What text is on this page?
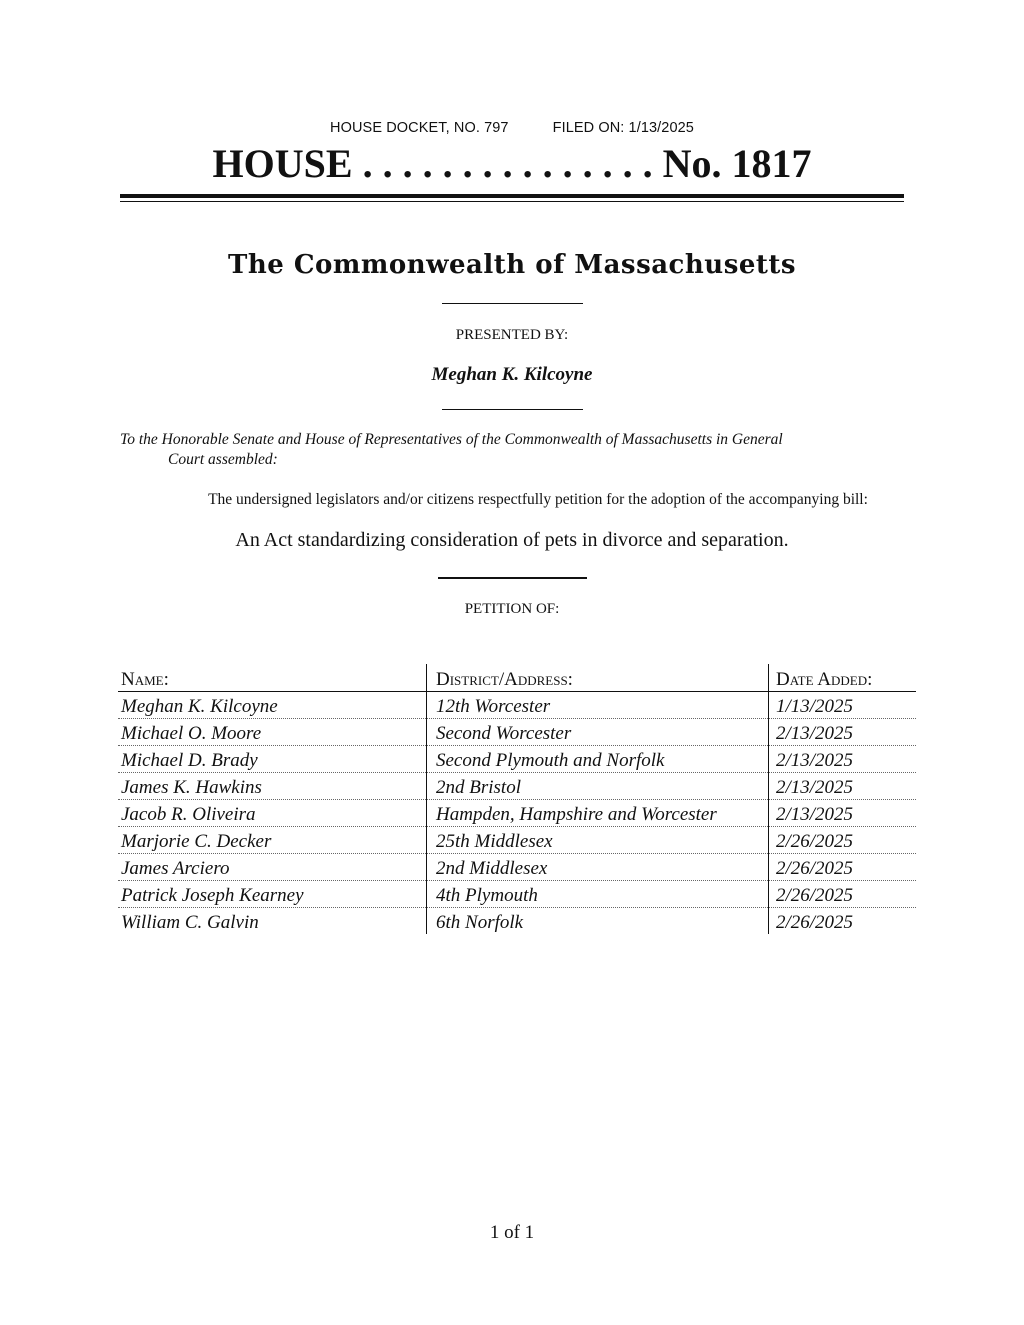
HOUSE DOCKET, NO. 797	FILED ON: 1/13/2025
HOUSE . . . . . . . . . . . . . . . No. 1817
The Commonwealth of Massachusetts
PRESENTED BY:
Meghan K. Kilcoyne
To the Honorable Senate and House of Representatives of the Commonwealth of Massachusetts in General
Court assembled:
The undersigned legislators and/or citizens respectfully petition for the adoption of the accompanying bill:
An Act standardizing consideration of pets in divorce and separation.
PETITION OF:
Name:	District/Address:	Date Added:
Meghan K. Kilcoyne	12th Worcester	1/13/2025
Michael O. Moore	Second Worcester	2/13/2025
Michael D. Brady	Second Plymouth and Norfolk	2/13/2025
James K. Hawkins	2nd Bristol	2/13/2025
Jacob R. Oliveira	Hampden, Hampshire and Worcester	2/13/2025
Marjorie C. Decker	25th Middlesex	2/26/2025
James Arciero	2nd Middlesex	2/26/2025
Patrick Joseph Kearney	4th Plymouth	2/26/2025
William C. Galvin	6th Norfolk	2/26/2025
1 of 1
